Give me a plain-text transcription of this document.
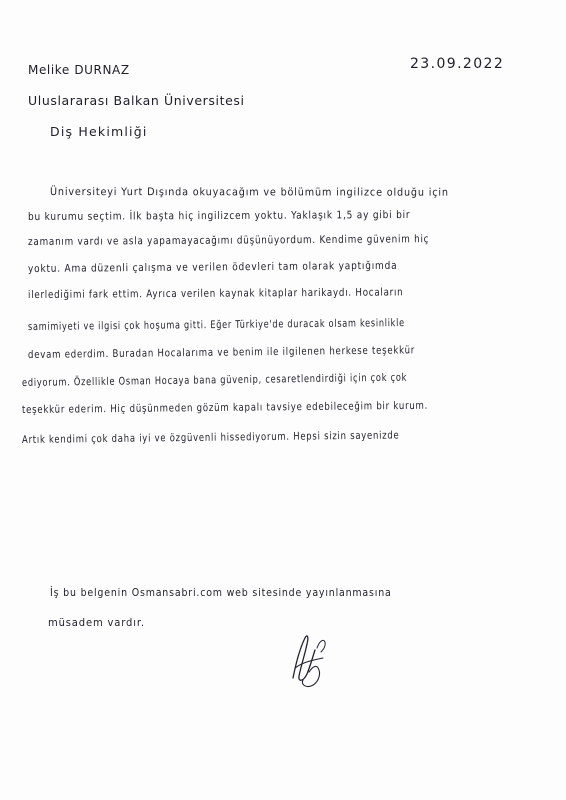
23.09.2022
Melike DURNAZ
Uluslararası Balkan Üniversitesi
Diş Hekimliği
Üniversiteyi Yurt Dışında okuyacağım ve bölümüm ingilizce olduğu için
bu kurumu seçtim. İlk başta hiç ingilizcem yoktu. Yaklaşık 1,5 ay gibi bir
zamanım vardı ve asla yapamayacağımı düşünüyordum. Kendime güvenim hiç
yoktu. Ama düzenli çalışma ve verilen ödevleri tam olarak yaptığımda
ilerlediğimi fark ettim. Ayrıca verilen kaynak kitaplar harikaydı. Hocaların
samimiyeti ve ilgisi çok hoşuma gitti. Eğer Türkiye'de duracak olsam kesinlikle
devam ederdim. Buradan Hocalarıma ve benim ile ilgilenen herkese teşekkür
ediyorum. Özellikle Osman Hocaya bana güvenip, cesaretlendirdiği için çok çok
teşekkür ederim. Hiç düşünmeden gözüm kapalı tavsiye edebileceğim bir kurum.
Artık kendimi çok daha iyi ve özgüvenli hissediyorum. Hepsi sizin sayenizde
İş bu belgenin Osmansabri.com web sitesinde yayınlanmasına
müsadem vardır.
